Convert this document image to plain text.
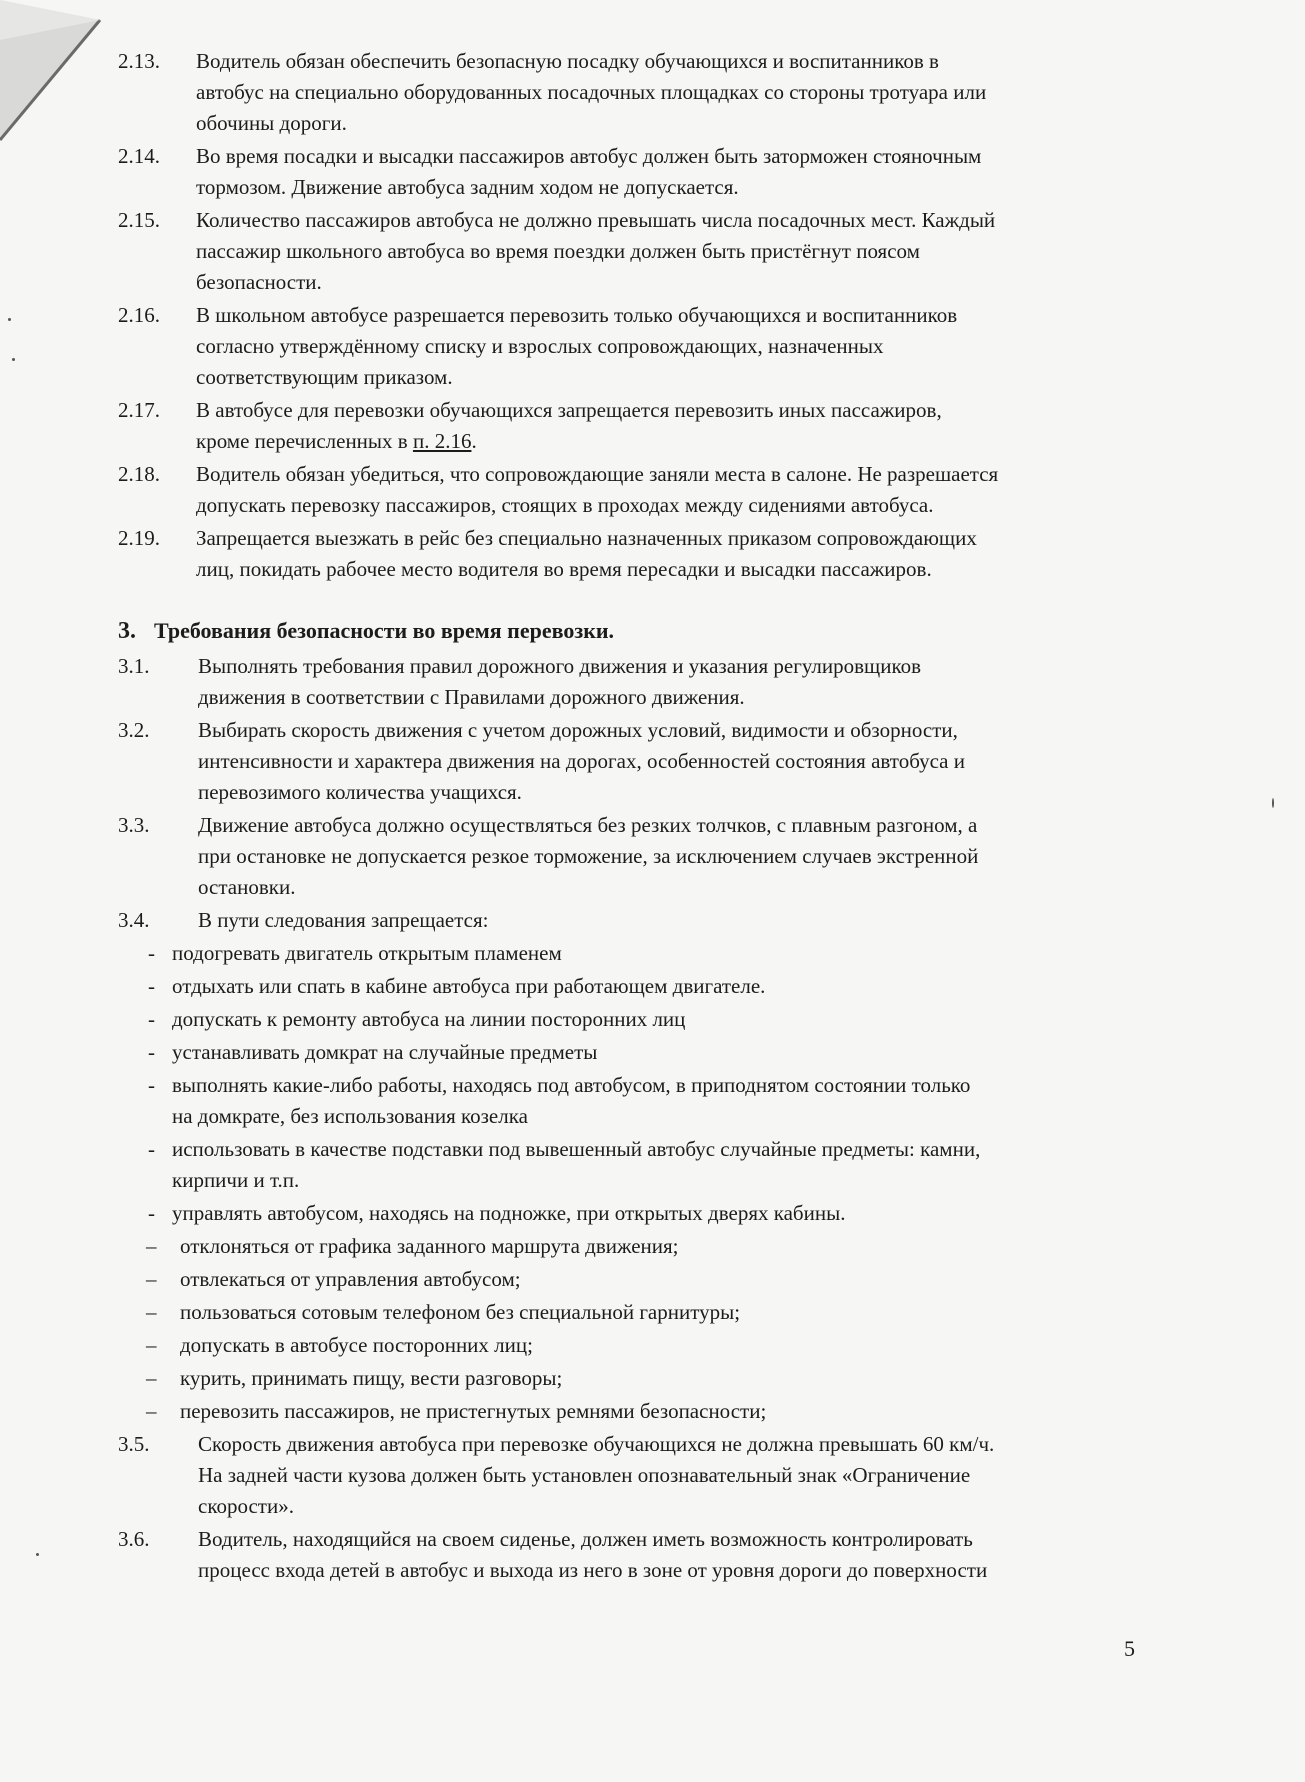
2.13.	Водитель обязан обеспечить безопасную посадку обучающихся и воспитанников в
автобус на специально оборудованных посадочных площадках со стороны тротуара или
обочины дороги.
2.14.	Во время посадки и высадки пассажиров автобус должен быть заторможен стояночным
тормозом. Движение автобуса задним ходом не допускается.
2.15.	Количество пассажиров автобуса не должно превышать числа посадочных мест. Каждый
пассажир школьного автобуса во время поездки должен быть пристёгнут поясом
безопасности.
2.16.	В школьном автобусе разрешается перевозить только обучающихся и воспитанников
согласно утверждённому списку и взрослых сопровождающих, назначенных
соответствующим приказом.
2.17.	В автобусе для перевозки обучающихся запрещается перевозить иных пассажиров,
кроме перечисленных в п. 2.16.
2.18.	Водитель обязан убедиться, что сопровождающие заняли места в салоне. Не разрешается
допускать перевозку пассажиров, стоящих в проходах между сидениями автобуса.
2.19.	Запрещается выезжать в рейс без специально назначенных приказом сопровождающих
лиц, покидать рабочее место водителя во время пересадки и высадки пассажиров.
3. Требования безопасности во время перевозки.
3.1.	Выполнять требования правил дорожного движения и указания регулировщиков
движения в соответствии с Правилами дорожного движения.
3.2.	Выбирать скорость движения с учетом дорожных условий, видимости и обзорности,
интенсивности и характера движения на дорогах, особенностей состояния автобуса и
перевозимого количества учащихся.
3.3.	Движение автобуса должно осуществляться без резких толчков, с плавным разгоном, а
при остановке не допускается резкое торможение, за исключением случаев экстренной
остановки.
3.4.	В пути следования запрещается:
- подогревать двигатель открытым пламенем
- отдыхать или спать в кабине автобуса при работающем двигателе.
- допускать к ремонту автобуса на линии посторонних лиц
- устанавливать домкрат на случайные предметы
- выполнять какие-либо работы, находясь под автобусом, в приподнятом состоянии только
на домкрате, без использования козелка
- использовать в качестве подставки под вывешенный автобус случайные предметы: камни,
кирпичи и т.п.
- управлять автобусом, находясь на подножке, при открытых дверях кабины.
– отклоняться от графика заданного маршрута движения;
– отвлекаться от управления автобусом;
– пользоваться сотовым телефоном без специальной гарнитуры;
– допускать в автобусе посторонних лиц;
– курить, принимать пищу, вести разговоры;
– перевозить пассажиров, не пристегнутых ремнями безопасности;
3.5.	Скорость движения автобуса при перевозке обучающихся не должна превышать 60 км/ч.
На задней части кузова должен быть установлен опознавательный знак «Ограничение
скорости».
3.6.	Водитель, находящийся на своем сиденье, должен иметь возможность контролировать
процесс входа детей в автобус и выхода из него в зоне от уровня дороги до поверхности
5
